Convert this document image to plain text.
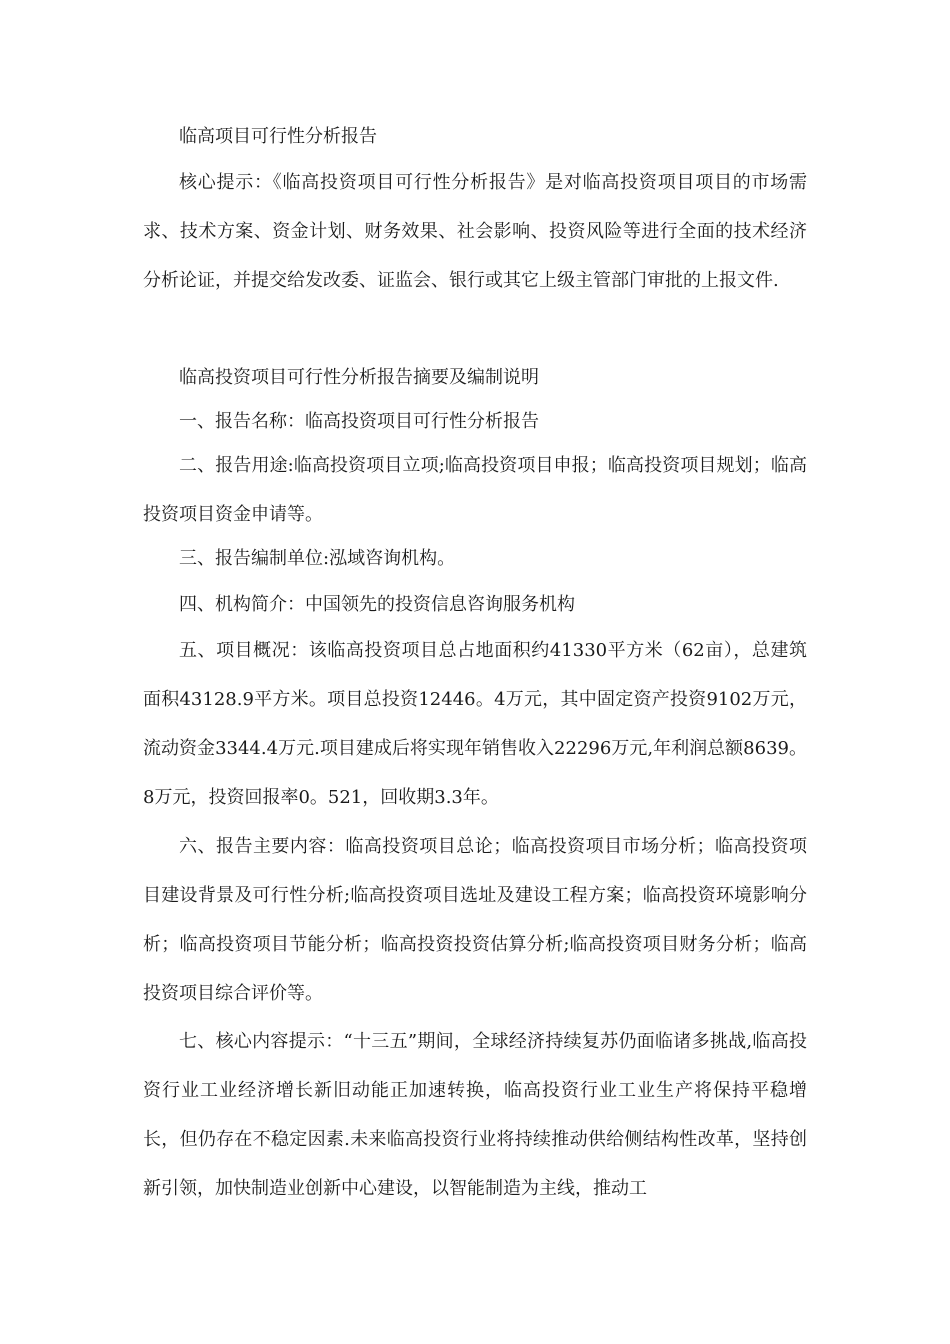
临高项目可行性分析报告

核心提示：《临高投资项目可行性分析报告》是对临高投资项目项目的市场需求、技术方案、资金计划、财务效果、社会影响、投资风险等进行全面的技术经济分析论证，并提交给发改委、证监会、银行或其它上级主管部门审批的上报文件.

临高投资项目可行性分析报告摘要及编制说明

一、报告名称：临高投资项目可行性分析报告

二、报告用途:临高投资项目立项;临高投资项目申报；临高投资项目规划；临高投资项目资金申请等。

三、报告编制单位:泓域咨询机构。

四、机构简介：中国领先的投资信息咨询服务机构

五、项目概况：该临高投资项目总占地面积约41330平方米（62亩），总建筑面积43128.9平方米。项目总投资12446。4万元，其中固定资产投资9102万元，流动资金3344.4万元.项目建成后将实现年销售收入22296万元,年利润总额8639。8万元，投资回报率0。521，回收期3.3年。

六、报告主要内容：临高投资项目总论；临高投资项目市场分析；临高投资项目建设背景及可行性分析;临高投资项目选址及建设工程方案；临高投资环境影响分析；临高投资项目节能分析；临高投资投资估算分析;临高投资项目财务分析；临高投资项目综合评价等。

七、核心内容提示：“十三五”期间，全球经济持续复苏仍面临诸多挑战,临高投资行业工业经济增长新旧动能正加速转换，临高投资行业工业生产将保持平稳增长，但仍存在不稳定因素.未来临高投资行业将持续推动供给侧结构性改革，坚持创新引领，加快制造业创新中心建设，以智能制造为主线，推动工
